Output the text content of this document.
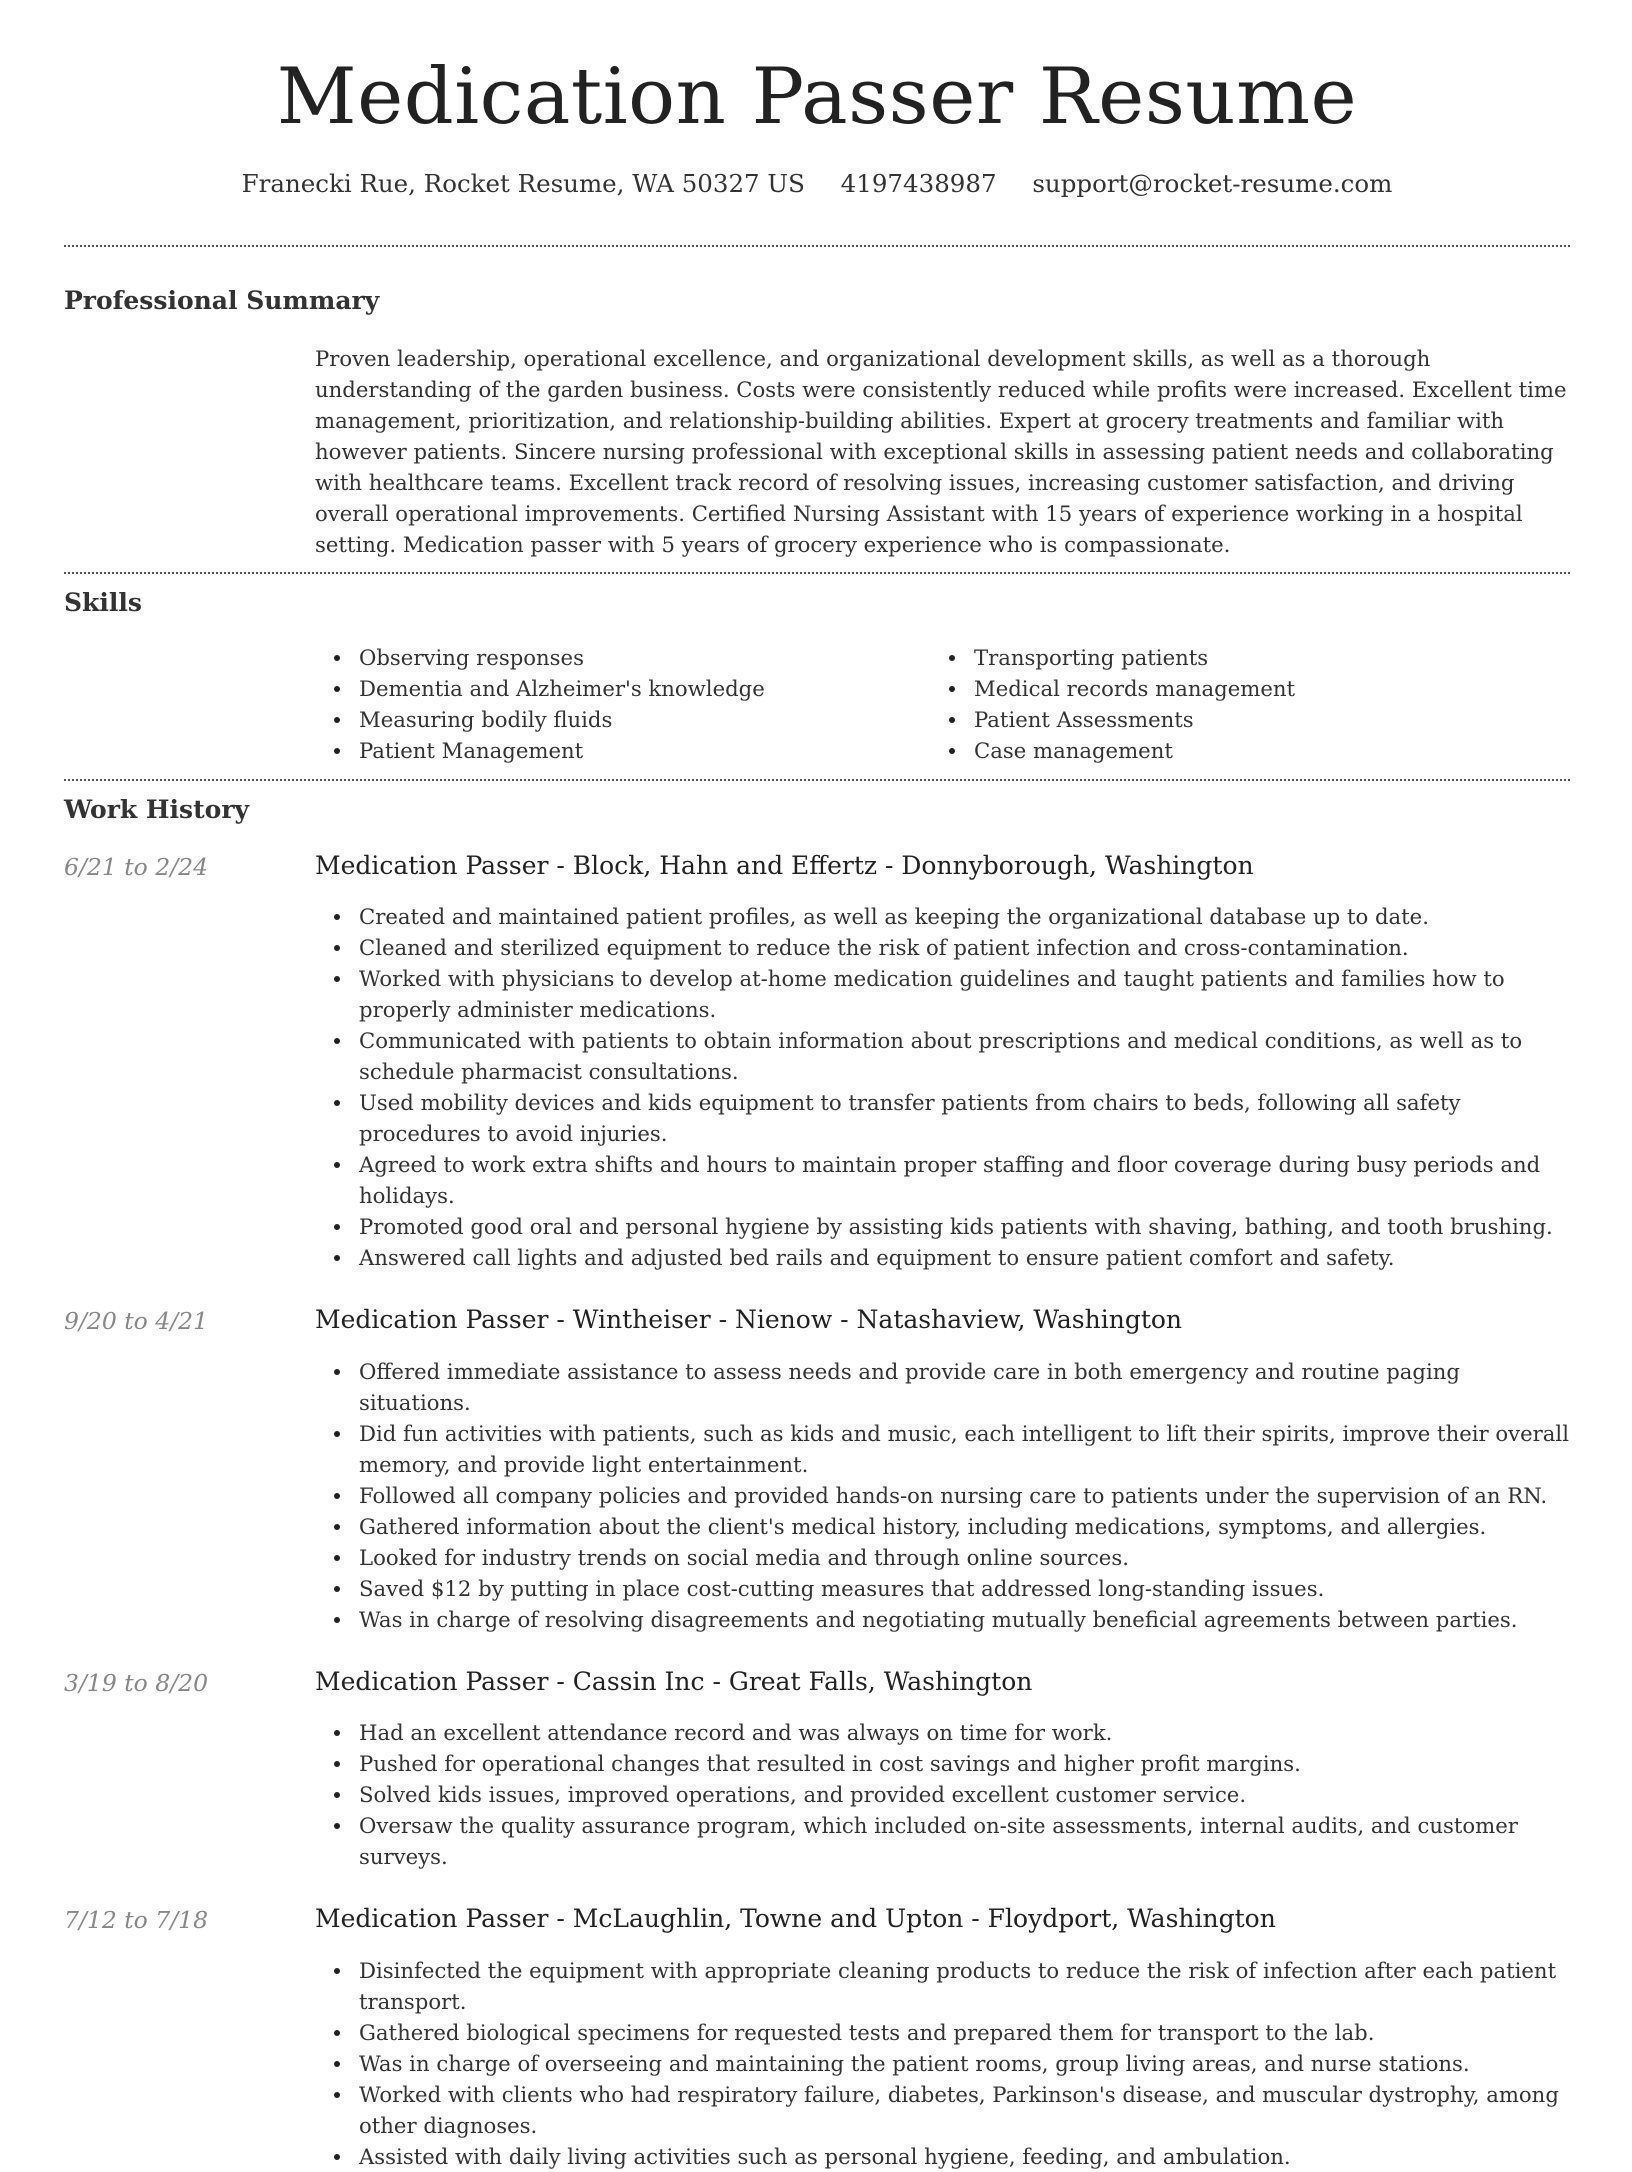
Medication Passer Resume
Franecki Rue, Rocket Resume, WA 50327 US 4197438987 support@rocket-resume.com
Professional Summary

Proven leadership, operational excellence, and organizational development skills, as well as a thorough understanding of the garden business. Costs were consistently reduced while profits were increased. Excellent time management, prioritization, and relationship-building abilities. Expert at grocery treatments and familiar with however patients. Sincere nursing professional with exceptional skills in assessing patient needs and collaborating with healthcare teams. Excellent track record of resolving issues, increasing customer satisfaction, and driving overall operational improvements. Certified Nursing Assistant with 15 years of experience working in a hospital setting. Medication passer with 5 years of grocery experience who is compassionate.

Skills
Observing responses
Dementia and Alzheimer's knowledge
Measuring bodily fluids
Patient Management
Transporting patients
Medical records management
Patient Assessments
Case management
Work History
6/21 to 2/24	Medication Passer - Block, Hahn and Effertz - Donnyborough, Washington
Created and maintained patient profiles, as well as keeping the organizational database up to date.
Cleaned and sterilized equipment to reduce the risk of patient infection and cross-contamination.
Worked with physicians to develop at-home medication guidelines and taught patients and families how to properly administer medications.
Communicated with patients to obtain information about prescriptions and medical conditions, as well as to schedule pharmacist consultations.
Used mobility devices and kids equipment to transfer patients from chairs to beds, following all safety procedures to avoid injuries.
Agreed to work extra shifts and hours to maintain proper staffing and floor coverage during busy periods and holidays.
Promoted good oral and personal hygiene by assisting kids patients with shaving, bathing, and tooth brushing.
Answered call lights and adjusted bed rails and equipment to ensure patient comfort and safety.
9/20 to 4/21	Medication Passer - Wintheiser - Nienow - Natashaview, Washington
Offered immediate assistance to assess needs and provide care in both emergency and routine paging situations.
Did fun activities with patients, such as kids and music, each intelligent to lift their spirits, improve their overall memory, and provide light entertainment.
Followed all company policies and provided hands-on nursing care to patients under the supervision of an RN.
Gathered information about the client's medical history, including medications, symptoms, and allergies.
Looked for industry trends on social media and through online sources.
Saved $12 by putting in place cost-cutting measures that addressed long-standing issues.
Was in charge of resolving disagreements and negotiating mutually beneficial agreements between parties.
3/19 to 8/20	Medication Passer - Cassin Inc - Great Falls, Washington
Had an excellent attendance record and was always on time for work.
Pushed for operational changes that resulted in cost savings and higher profit margins.
Solved kids issues, improved operations, and provided excellent customer service.
Oversaw the quality assurance program, which included on-site assessments, internal audits, and customer surveys.
7/12 to 7/18	Medication Passer - McLaughlin, Towne and Upton - Floydport, Washington
Disinfected the equipment with appropriate cleaning products to reduce the risk of infection after each patient transport.
Gathered biological specimens for requested tests and prepared them for transport to the lab.
Was in charge of overseeing and maintaining the patient rooms, group living areas, and nurse stations.
Worked with clients who had respiratory failure, diabetes, Parkinson's disease, and muscular dystrophy, among other diagnoses.
Assisted with daily living activities such as personal hygiene, feeding, and ambulation.
